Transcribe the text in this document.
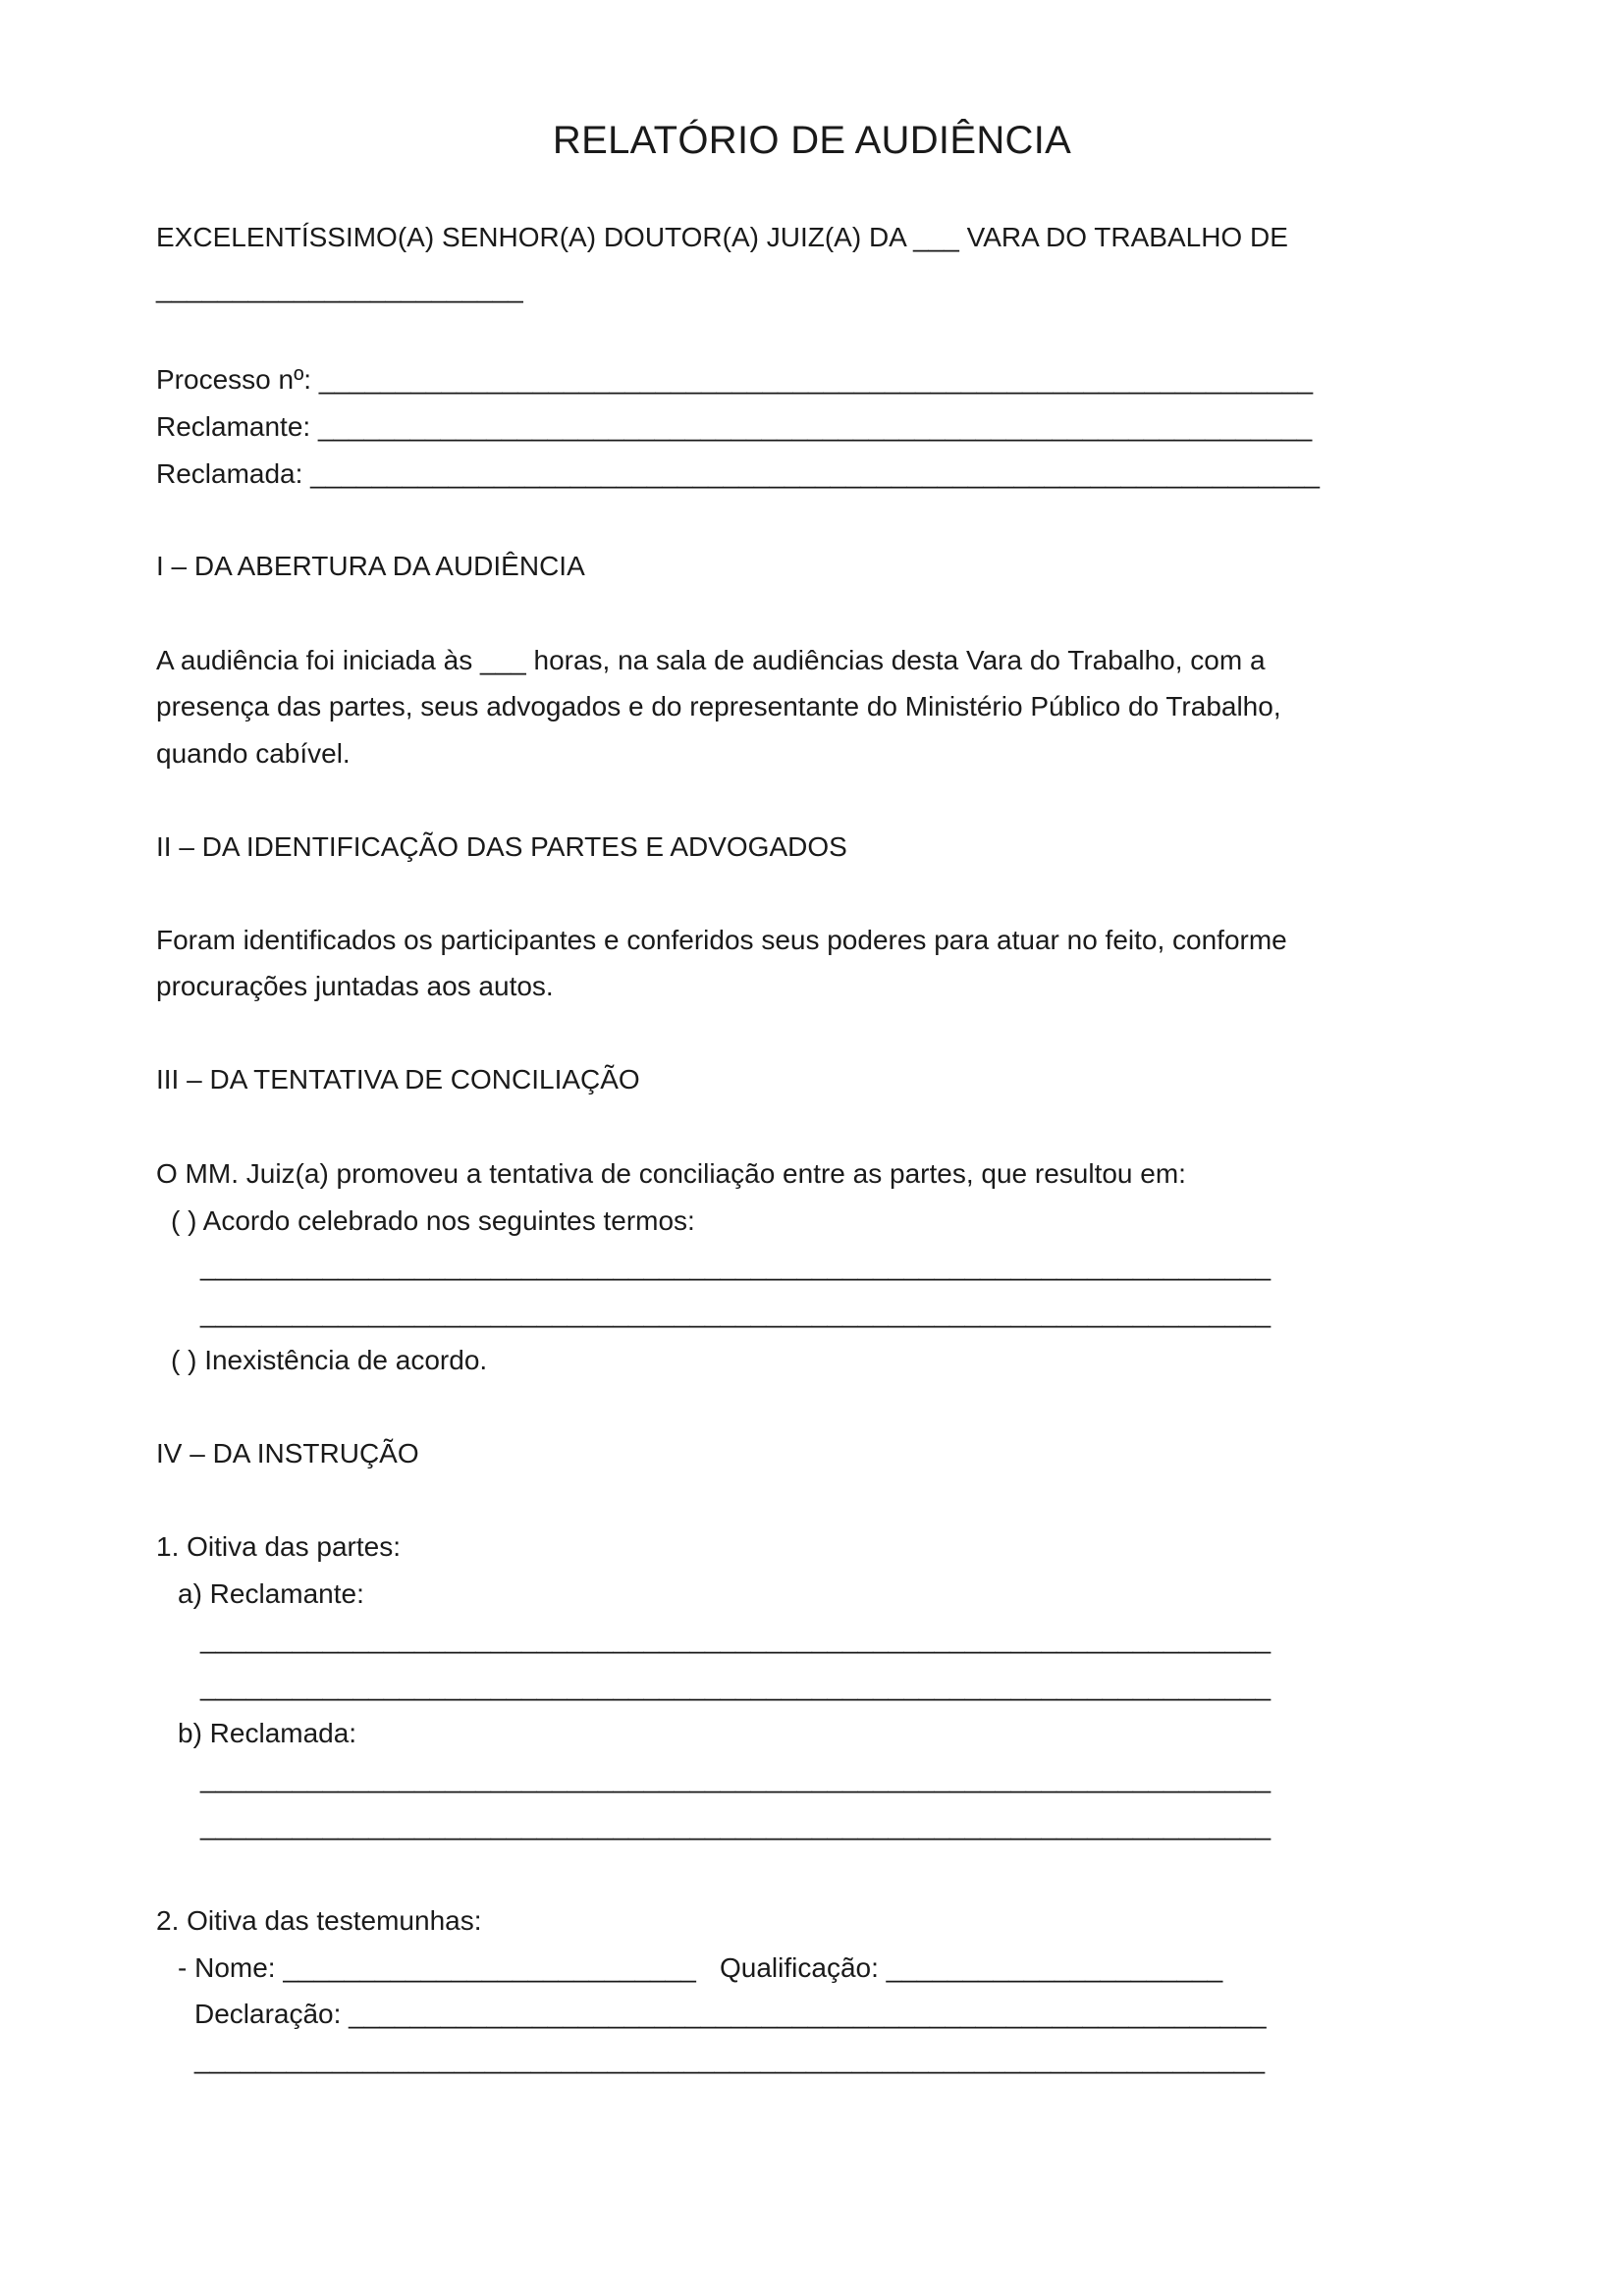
RELATÓRIO DE AUDIÊNCIA
EXCELENTÍSSIMO(A) SENHOR(A) DOUTOR(A) JUIZ(A) DA ___ VARA DO TRABALHO DE
________________________
Processo nº: _________________________________________________________________
Reclamante: _________________________________________________________________
Reclamada: __________________________________________________________________
I – DA ABERTURA DA AUDIÊNCIA
A audiência foi iniciada às ___ horas, na sala de audiências desta Vara do Trabalho, com a
presença das partes, seus advogados e do representante do Ministério Público do Trabalho,
quando cabível.
II – DA IDENTIFICAÇÃO DAS PARTES E ADVOGADOS
Foram identificados os participantes e conferidos seus poderes para atuar no feito, conforme
procurações juntadas aos autos.
III – DA TENTATIVA DE CONCILIAÇÃO
O MM. Juiz(a) promoveu a tentativa de conciliação entre as partes, que resultou em:
( ) Acordo celebrado nos seguintes termos:
______________________________________________________________________
______________________________________________________________________
( ) Inexistência de acordo.
IV – DA INSTRUÇÃO
1. Oitiva das partes:
a) Reclamante:
______________________________________________________________________
______________________________________________________________________
b) Reclamada:
______________________________________________________________________
______________________________________________________________________
2. Oitiva das testemunhas:
- Nome: ___________________________ Qualificação: ______________________
Declaração: ____________________________________________________________
______________________________________________________________________
